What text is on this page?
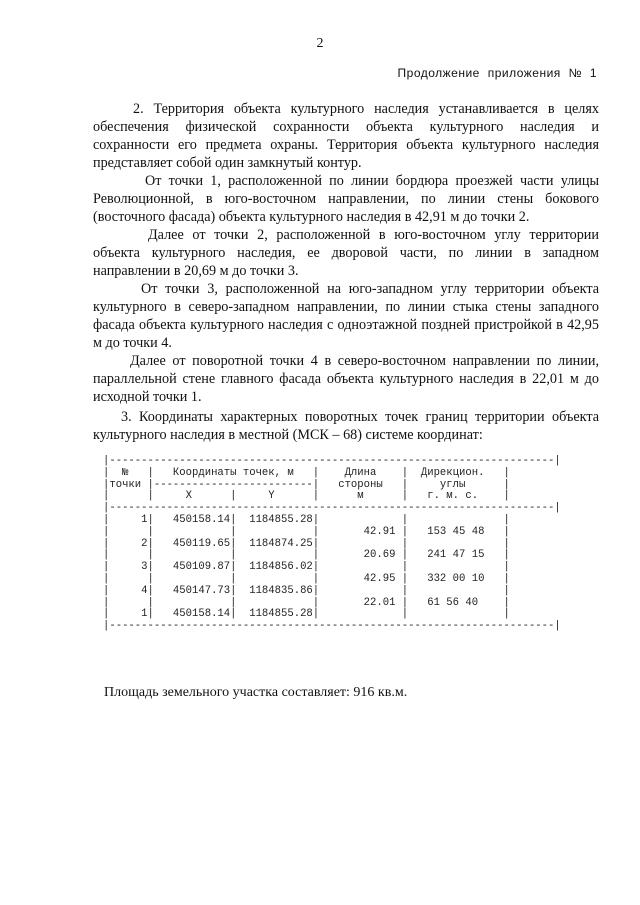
2
Продолжение приложения № 1

2. Территория объекта культурного наследия устанавливается в целях обеспечения физической сохранности объекта культурного наследия и сохранности его предмета охраны. Территория объекта культурного наследия представляет собой один замкнутый контур.

От точки 1, расположенной по линии бордюра проезжей части улицы Революционной, в юго-восточном направлении, по линии стены бокового (восточного фасада) объекта культурного наследия в 42,91 м до точки 2.

Далее от точки 2, расположенной в юго-восточном углу территории объекта культурного наследия, ее дворовой части, по линии в западном направлении в 20,69 м до точки 3.

От точки 3, расположенной на юго-западном углу территории объекта культурного в северо-западном направлении, по линии стыка стены западного фасада объекта культурного наследия с одноэтажной поздней пристройкой в 42,95 м до точки 4.

Далее от поворотной точки 4 в северо-восточном направлении по линии, параллельной стене главного фасада объекта культурного наследия в 22,01 м до исходной точки 1.

3. Координаты характерных поворотных точек границ территории объекта культурного наследия в местной (МСК – 68) системе координат:

|----------------------------------------------------------------------|
|  №   |   Координаты точек, м   |    Длина    |  Дирекцион.   |
|точки |-------------------------|   стороны   |     углы      |
|      |     X      |     Y      |      м      |   г. м. с.    |
|----------------------------------------------------------------------|
|     1|   450158.14|  1184855.28|             |               |
|      |            |            |       42.91 |   153 45 48   |
|     2|   450119.65|  1184874.25|             |               |
|      |            |            |       20.69 |   241 47 15   |
|     3|   450109.87|  1184856.02|             |               |
|      |            |            |       42.95 |   332 00 10   |
|     4|   450147.73|  1184835.86|             |               |
|      |            |            |       22.01 |   61 56 40    |
|     1|   450158.14|  1184855.28|             |               |
|----------------------------------------------------------------------|
Площадь земельного участка составляет: 916 кв.м.
